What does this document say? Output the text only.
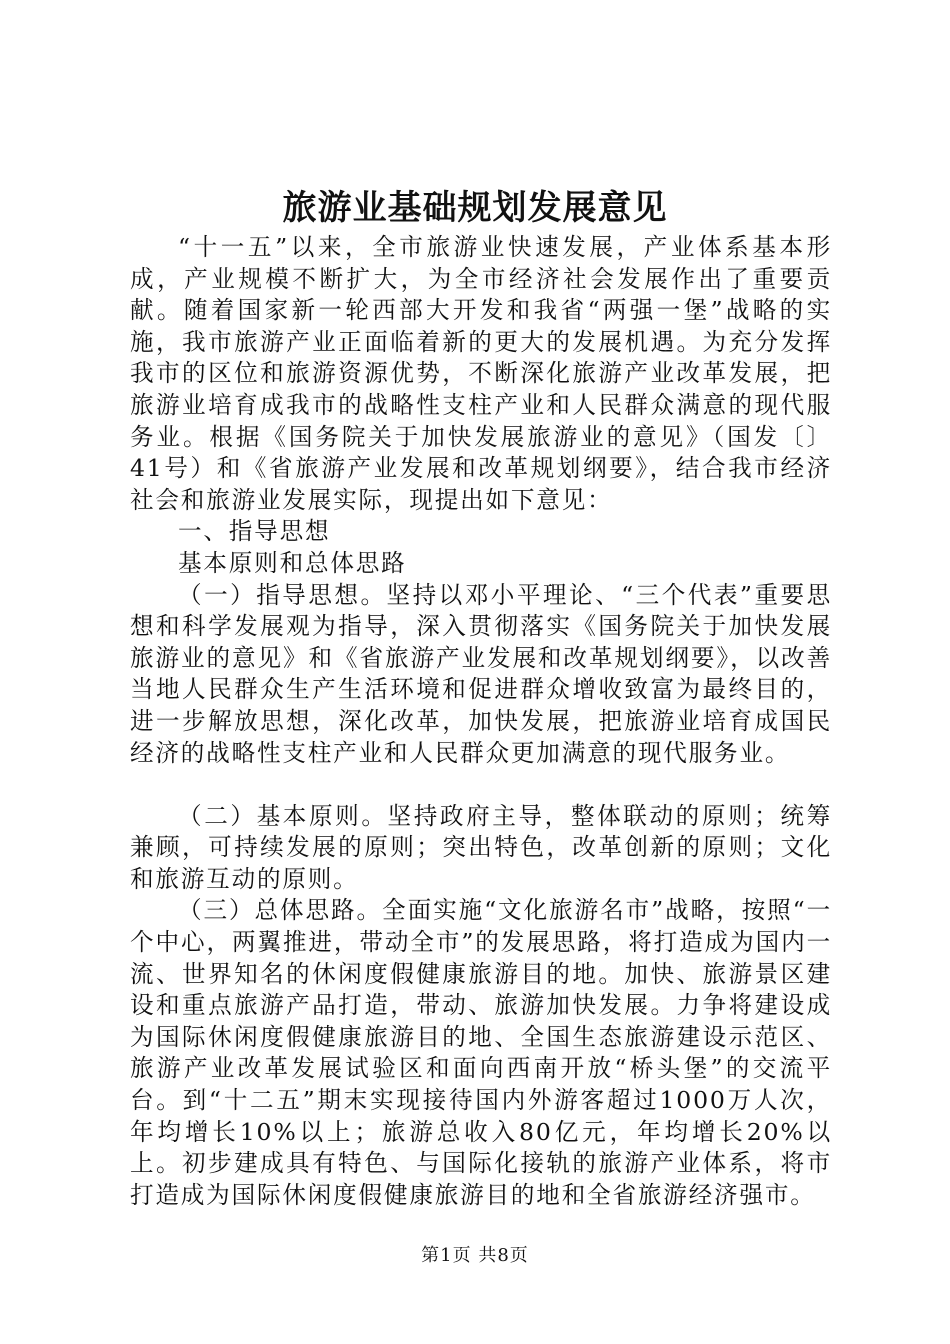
旅游业基础规划发展意见

“十一五”以来，全市旅游业快速发展，产业体系基本形成，产业规模不断扩大，为全市经济社会发展作出了重要贡献。随着国家新一轮西部大开发和我省“两强一堡”战略的实施，我市旅游产业正面临着新的更大的发展机遇。为充分发挥我市的区位和旅游资源优势，不断深化旅游产业改革发展，把旅游业培育成我市的战略性支柱产业和人民群众满意的现代服务业。根据《国务院关于加快发展旅游业的意见》（国发〔〕41号）和《省旅游产业发展和改革规划纲要》，结合我市经济社会和旅游业发展实际，现提出如下意见：

一、指导思想

基本原则和总体思路

（一）指导思想。坚持以邓小平理论、“三个代表”重要思想和科学发展观为指导，深入贯彻落实《国务院关于加快发展旅游业的意见》和《省旅游产业发展和改革规划纲要》，以改善当地人民群众生产生活环境和促进群众增收致富为最终目的，进一步解放思想，深化改革，加快发展，把旅游业培育成国民经济的战略性支柱产业和人民群众更加满意的现代服务业。

（二）基本原则。坚持政府主导，整体联动的原则；统筹兼顾，可持续发展的原则；突出特色，改革创新的原则；文化和旅游互动的原则。

（三）总体思路。全面实施“文化旅游名市”战略，按照“一个中心，两翼推进，带动全市”的发展思路，将打造成为国内一流、世界知名的休闲度假健康旅游目的地。加快、旅游景区建设和重点旅游产品打造，带动、旅游加快发展。力争将建设成为国际休闲度假健康旅游目的地、全国生态旅游建设示范区、旅游产业改革发展试验区和面向西南开放“桥头堡”的交流平台。到“十二五”期末实现接待国内外游客超过1000万人次，年均增长10%以上；旅游总收入80亿元，年均增长20%以上。初步建成具有特色、与国际化接轨的旅游产业体系，将市打造成为国际休闲度假健康旅游目的地和全省旅游经济强市。

第1页 共8页
